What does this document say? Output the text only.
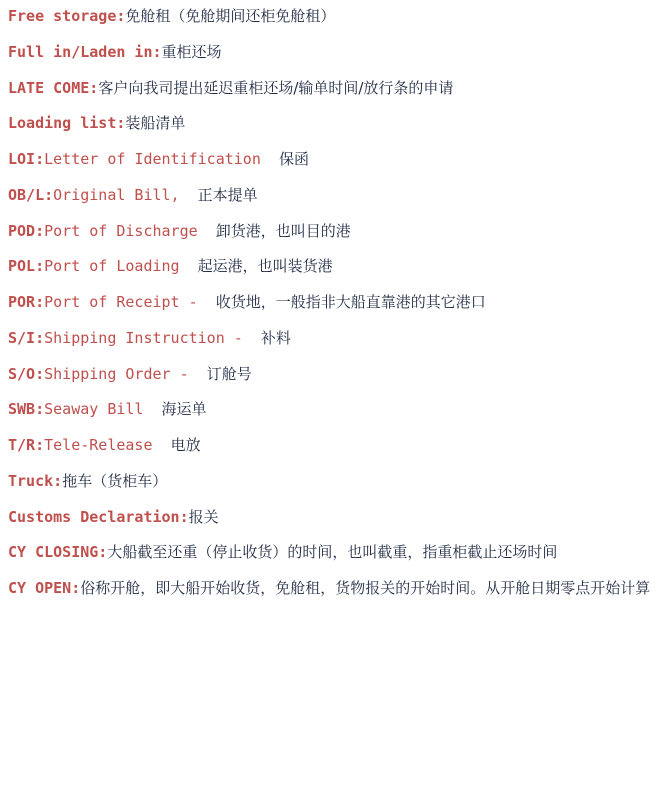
Free storage:免舱租（免舱期间还柜免舱租）

Full in/Laden in:重柜还场

LATE COME:客户向我司提出延迟重柜还场/输单时间/放行条的申请

Loading list:装船清单

LOI:Letter of Identification 保函

OB/L:Original Bill, 正本提单

POD:Port of Discharge 卸货港，也叫目的港

POL:Port of Loading 起运港，也叫装货港

POR:Port of Receipt - 收货地，一般指非大船直靠港的其它港口

S/I:Shipping Instruction - 补料

S/O:Shipping Order - 订舱号

SWB:Seaway Bill 海运单

T/R:Tele-Release 电放

Truck:拖车（货柜车）

Customs Declaration:报关

CY CLOSING:大船截至还重（停止收货）的时间，也叫截重，指重柜截止还场时间

CY OPEN:俗称开舱，即大船开始收货，免舱租，货物报关的开始时间。从开舱日期零点开始计算
